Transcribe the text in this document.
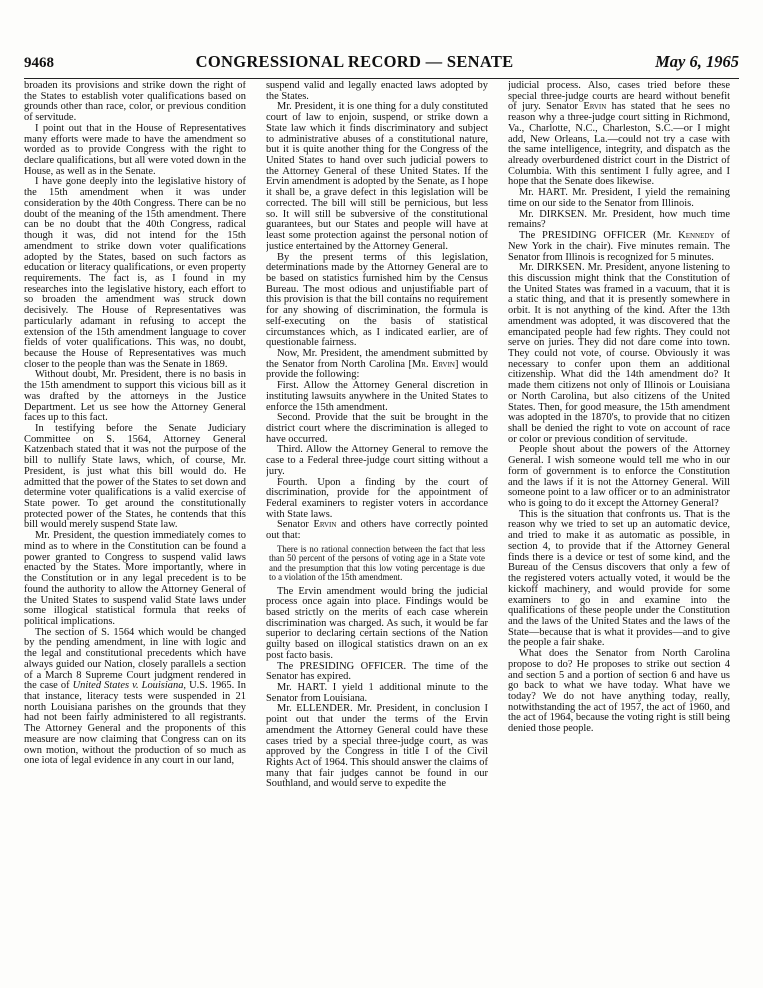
9468	CONGRESSIONAL RECORD — SENATE	May 6, 1965

broaden its provisions and strike down the right of the States to establish voter qualifications based on grounds other than race, color, or previous condition of servitude.

I point out that in the House of Representatives many efforts were made to have the amendment so worded as to provide Congress with the right to declare qualifications, but all were voted down in the House, as well as in the Senate.

I have gone deeply into the legislative history of the 15th amendment when it was under consideration by the 40th Congress. There can be no doubt of the meaning of the 15th amendment. There can be no doubt that the 40th Congress, radical though it was, did not intend for the 15th amendment to strike down voter qualifications adopted by the States, based on such factors as education or literacy qualifications, or even property requirements. The fact is, as I found in my researches into the legislative history, each effort to so broaden the amendment was struck down decisively. The House of Representatives was particularly adamant in refusing to accept the extension of the 15th amendment language to cover fields of voter qualifications. This was, no doubt, because the House of Representatives was much closer to the people than was the Senate in 1869.

Without doubt, Mr. President, there is no basis in the 15th amendment to support this vicious bill as it was drafted by the attorneys in the Justice Department. Let us see how the Attorney General faces up to this fact.

In testifying before the Senate Judiciary Committee on S. 1564, Attorney General Katzenbach stated that it was not the purpose of the bill to nullify State laws, which, of course, Mr. President, is just what this bill would do. He admitted that the power of the States to set down and determine voter qualifications is a valid exercise of State power. To get around the constitutionally protected power of the States, he contends that this bill would merely suspend State law.

Mr. President, the question immediately comes to mind as to where in the Constitution can be found a power granted to Congress to suspend valid laws enacted by the States. More importantly, where in the Constitution or in any legal precedent is to be found the authority to allow the Attorney General of the United States to suspend valid State laws under some illogical statistical formula that reeks of political implications.

The section of S. 1564 which would be changed by the pending amendment, in line with logic and the legal and constitutional precedents which have always guided our Nation, closely parallels a section of a March 8 Supreme Court judgment rendered in the case of United States v. Louisiana, U.S. 1965. In that instance, literacy tests were suspended in 21 north Louisiana parishes on the grounds that they had not been fairly administered to all registrants. The Attorney General and the proponents of this measure are now claiming that Congress can on its own motion, without the production of so much as one iota of legal evidence in any court in our land,

suspend valid and legally enacted laws adopted by the States.

Mr. President, it is one thing for a duly constituted court of law to enjoin, suspend, or strike down a State law which it finds discriminatory and subject to administrative abuses of a constitutional nature, but it is quite another thing for the Congress of the United States to hand over such judicial powers to the Attorney General of these United States. If the Ervin amendment is adopted by the Senate, as I hope it shall be, a grave defect in this legislation will be corrected. The bill will still be pernicious, but less so. It will still be subversive of the constitutional guarantees, but our States and people will have at least some protection against the personal notion of justice entertained by the Attorney General.

By the present terms of this legislation, determinations made by the Attorney General are to be based on statistics furnished him by the Census Bureau. The most odious and unjustifiable part of this provision is that the bill contains no requirement for any showing of discrimination, the formula is self-executing on the basis of statistical circumstances which, as I indicated earlier, are of questionable fairness.

Now, Mr. President, the amendment submitted by the Senator from North Carolina [Mr. Ervin] would provide the following:

First. Allow the Attorney General discretion in instituting lawsuits anywhere in the United States to enforce the 15th amendment.

Second. Provide that the suit be brought in the district court where the discrimination is alleged to have occurred.

Third. Allow the Attorney General to remove the case to a Federal three-judge court sitting without a jury.

Fourth. Upon a finding by the court of discrimination, provide for the appointment of Federal examiners to register voters in accordance with State laws.

Senator Ervin and others have correctly pointed out that:

There is no rational connection between the fact that less than 50 percent of the persons of voting age in a State vote and the presumption that this low voting percentage is due to a violation of the 15th amendment.

The Ervin amendment would bring the judicial process once again into place. Findings would be based strictly on the merits of each case wherein discrimination was charged. As such, it would be far superior to declaring certain sections of the Nation guilty based on illogical statistics drawn on an ex post facto basis.

The PRESIDING OFFICER. The time of the Senator has expired.

Mr. HART. I yield 1 additional minute to the Senator from Louisiana.

Mr. ELLENDER. Mr. President, in conclusion I point out that under the terms of the Ervin amendment the Attorney General could have these cases tried by a special three-judge court, as was approved by the Congress in title I of the Civil Rights Act of 1964. This should answer the claims of many that fair judges cannot be found in our Southland, and would serve to expedite the

judicial process. Also, cases tried before these special three-judge courts are heard without benefit of jury. Senator Ervin has stated that he sees no reason why a three-judge court sitting in Richmond, Va., Charlotte, N.C., Charleston, S.C.—or I might add, New Orleans, La.—could not try a case with the same intelligence, integrity, and dispatch as the already overburdened district court in the District of Columbia. With this sentiment I fully agree, and I hope that the Senate does likewise.

Mr. HART. Mr. President, I yield the remaining time on our side to the Senator from Illinois.

Mr. DIRKSEN. Mr. President, how much time remains?

The PRESIDING OFFICER (Mr. Kennedy of New York in the chair). Five minutes remain. The Senator from Illinois is recognized for 5 minutes.

Mr. DIRKSEN. Mr. President, anyone listening to this discussion might think that the Constitution of the United States was framed in a vacuum, that it is a static thing, and that it is presently somewhere in orbit. It is not anything of the kind. After the 13th amendment was adopted, it was discovered that the emancipated people had few rights. They could not serve on juries. They did not dare come into town. They could not vote, of course. Obviously it was necessary to confer upon them an additional citizenship. What did the 14th amendment do? It made them citizens not only of Illinois or Louisiana or North Carolina, but also citizens of the United States. Then, for good measure, the 15th amendment was adopted in the 1870's, to provide that no citizen shall be denied the right to vote on account of race or color or previous condition of servitude.

People shout about the powers of the Attorney General. I wish someone would tell me who in our form of government is to enforce the Constitution and the laws if it is not the Attorney General. Will someone point to a law officer or to an administrator who is going to do it except the Attorney General?

This is the situation that confronts us. That is the reason why we tried to set up an automatic device, and tried to make it as automatic as possible, in section 4, to provide that if the Attorney General finds there is a device or test of some kind, and the Bureau of the Census discovers that only a few of the registered voters actually voted, it would be the kickoff machinery, and would provide for some examiners to go in and examine into the qualifications of these people under the Constitution and the laws of the United States and the laws of the State—because that is what it provides—and to give the people a fair shake.

What does the Senator from North Carolina propose to do? He proposes to strike out section 4 and section 5 and a portion of section 6 and have us go back to what we have today. What have we today? We do not have anything today, really, notwithstanding the act of 1957, the act of 1960, and the act of 1964, because the voting right is still being denied those people.
